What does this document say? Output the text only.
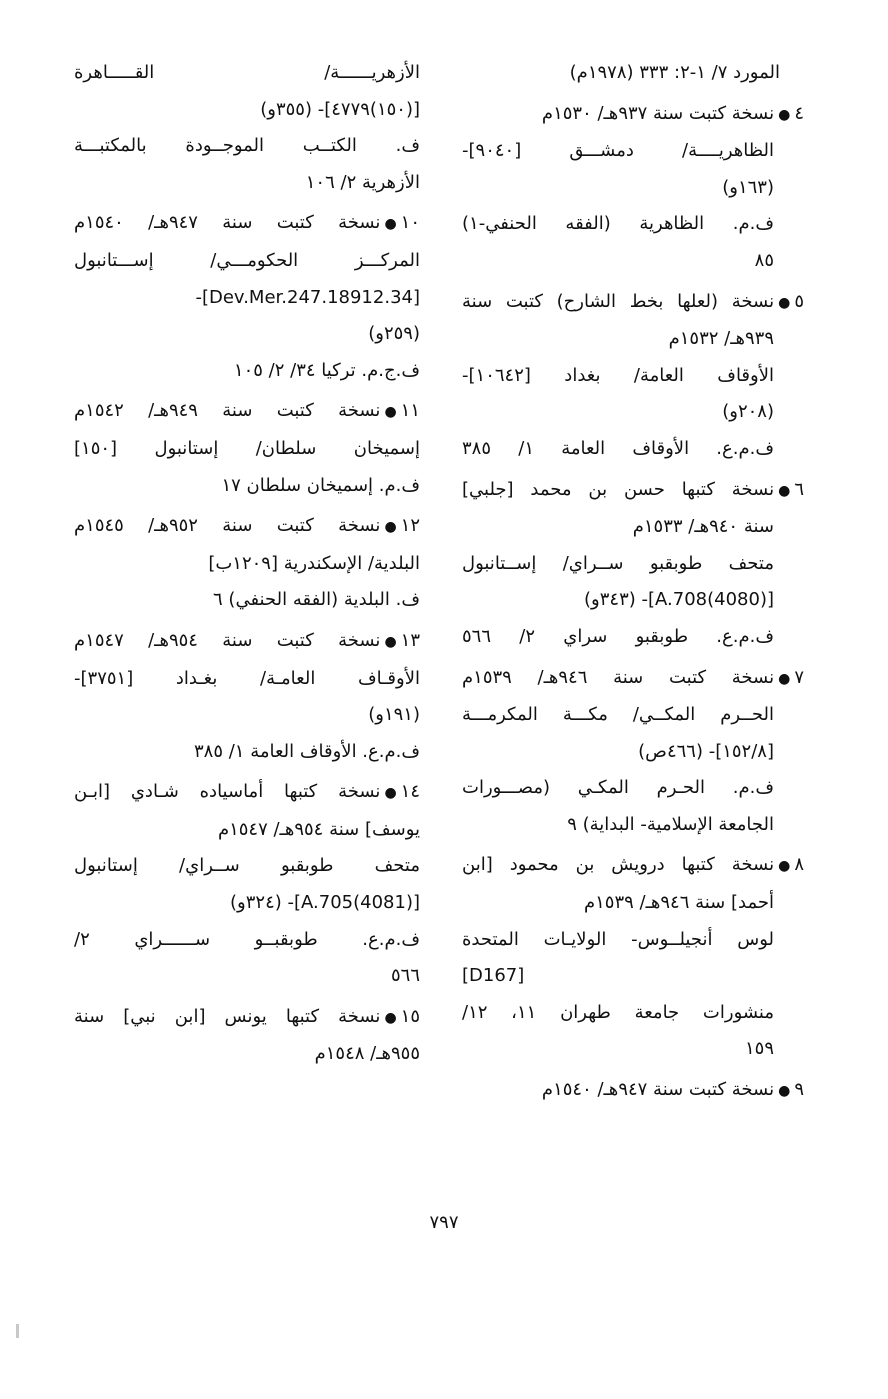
المورد ٧/ ١-٢: ٣٣٣ (١٩٧٨م)
٤●نسخة كتبت سنة ٩٣٧هـ/ ١٥٣٠م
الظاهريــــة/ دمشـــق [٩٠٤٠]-
(١٦٣و)
ف.م. الظاهرية (الفقه الحنفي-١)
٨٥
٥●نسخة (لعلها بخط الشارح) كتبت سنة
٩٣٩هـ/ ١٥٣٢م
الأوقاف العامة/ بغداد [١٠٦٤٢]-
(٢٠٨و)
ف.م.ع. الأوقاف العامة ١/ ٣٨٥
٦●نسخة كتبها حسن بن محمد [جلبي]
سنة ٩٤٠هـ/ ١٥٣٣م
متحف طوبقبو ســراي/ إســتانبول
[A.708(4080)]- (٣٤٣و)
ف.م.ع. طوبقبو سراي ٢/ ٥٦٦
٧●نسخة كتبت سنة ٩٤٦هـ/ ١٥٣٩م
الحــرم المكــي/ مكـــة المكرمـــة
[١٥٢/٨]- (٤٦٦ص)
ف.م. الحـرم المكـي (مصـــورات
الجامعة الإسلامية- البداية) ٩
٨●نسخة كتبها درويش بن محمود [ابن
أحمد] سنة ٩٤٦هـ/ ١٥٣٩م
لوس أنجيلــوس- الولايـات المتحدة
[D167]
منشورات جامعة طهران ١١، ١٢/
١٥٩
٩●نسخة كتبت سنة ٩٤٧هـ/ ١٥٤٠م
الأزهريــــــة/ القـــــاهرة
[(١٥٠)٤٧٧٩]- (٣٥٥و)
ف. الكتــب الموجــودة بالمكتبـــة
الأزهرية ٢/ ١٠٦
١٠●نسخة كتبت سنة ٩٤٧هـ/ ١٥٤٠م
المركـــز الحكومـــي/ إســـتانبول
[34.Dev.Mer.247.18912]-
(٢٥٩و)
ف.ج.م. تركيا ٣٤/ ٢/ ١٠٥
١١●نسخة كتبت سنة ٩٤٩هـ/ ١٥٤٢م
إسميخان سلطان/ إستانبول [١٥٠]
ف.م. إسميخان سلطان ١٧
١٢●نسخة كتبت سنة ٩٥٢هـ/ ١٥٤٥م
البلدية/ الإسكندرية [١٢٠٩ب]
ف. البلدية (الفقه الحنفي) ٦
١٣●نسخة كتبت سنة ٩٥٤هـ/ ١٥٤٧م
الأوقـاف العامـة/ بغـداد [٣٧٥١]-
(١٩١و)
ف.م.ع. الأوقاف العامة ١/ ٣٨٥
١٤●نسخة كتبها أماسياده شـادي [ابـن
يوسف] سنة ٩٥٤هـ/ ١٥٤٧م
متحف طوبقبو ســراي/ إستانبول
[A.705(4081)]- (٣٢٤و)
ف.م.ع. طوبقبــو ســــــراي ٢/
٥٦٦
١٥●نسخة كتبها يونس [ابن نبي] سنة
٩٥٥هـ/ ١٥٤٨م
٧٩٧
